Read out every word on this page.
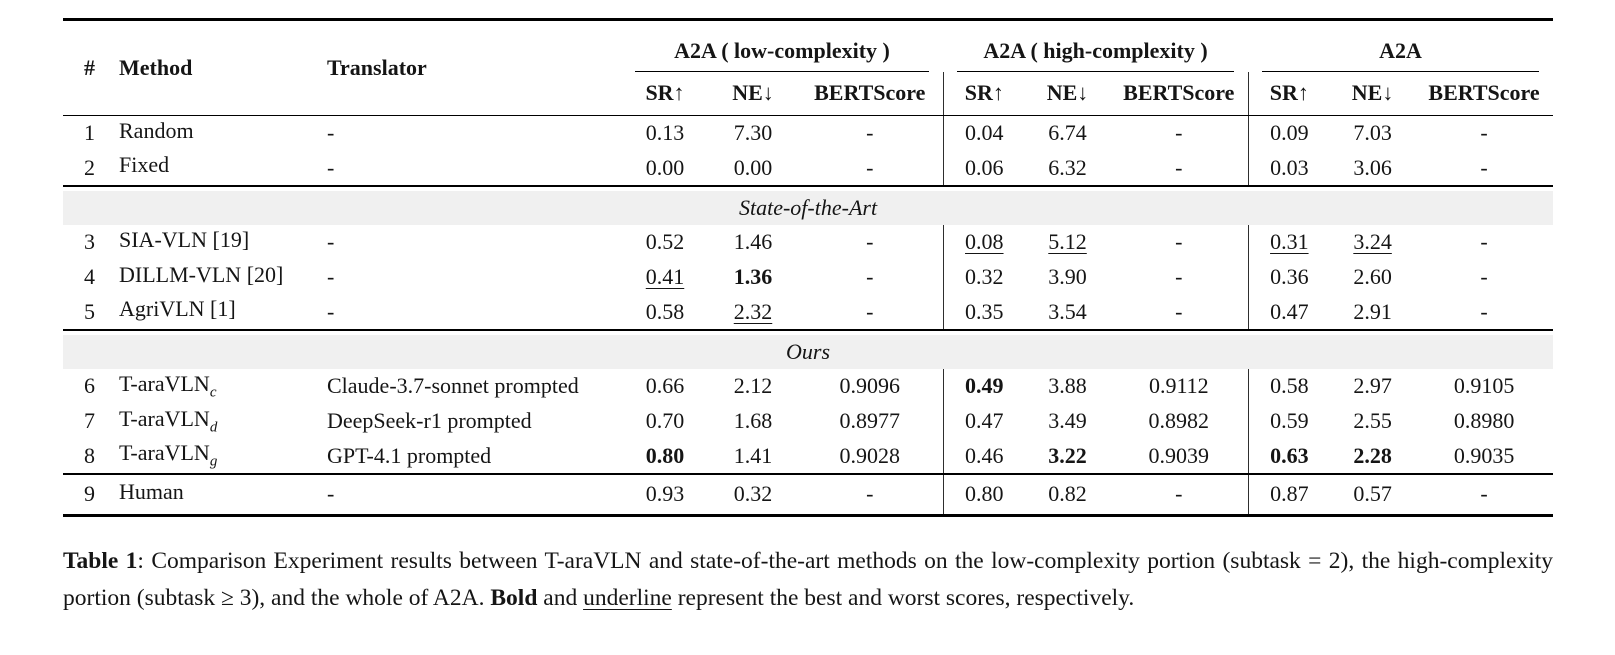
#	Method	Translator	A2A ( low-complexity )			A2A ( high-complexity )			A2A		

			SR↑	NE↓	BERTScore	SR↑	NE↓	BERTScore	SR↑	NE↓	BERTScore
1	Random	-	0.13	7.30	-	0.04	6.74	-	0.09	7.03	-
2	Fixed	-	0.00	0.00	-	0.06	6.32	-	0.03	3.06	-

State-of-the-Art											

3	SIA-VLN [19]	-	0.52	1.46	-	0.08	5.12	-	0.31	3.24	-
4	DILLM-VLN [20]	-	0.41	1.36	-	0.32	3.90	-	0.36	2.60	-
5	AgriVLN [1]	-	0.58	2.32	-	0.35	3.54	-	0.47	2.91	-

Ours											

6	T-araVLN$_c$	Claude-3.7-sonnet prompted	0.66	2.12	0.9096	0.49	3.88	0.9112	0.58	2.97	0.9105
7	T-araVLN$_d$	DeepSeek-r1 prompted	0.70	1.68	0.8977	0.47	3.49	0.8982	0.59	2.55	0.8980
8	T-araVLN$_g$	GPT-4.1 prompted	0.80	1.41	0.9028	0.46	3.22	0.9039	0.63	2.28	0.9035
9	Human	-	0.93	0.32	-	0.80	0.82	-	0.87	0.57	-

Table 1: Comparison Experiment results between T-araVLN and state-of-the-art methods on the low-complexity portion (subtask = 2), the high-complexity portion (subtask ≥ 3), and the whole of A2A. Bold and underline represent the best and worst scores, respectively.
